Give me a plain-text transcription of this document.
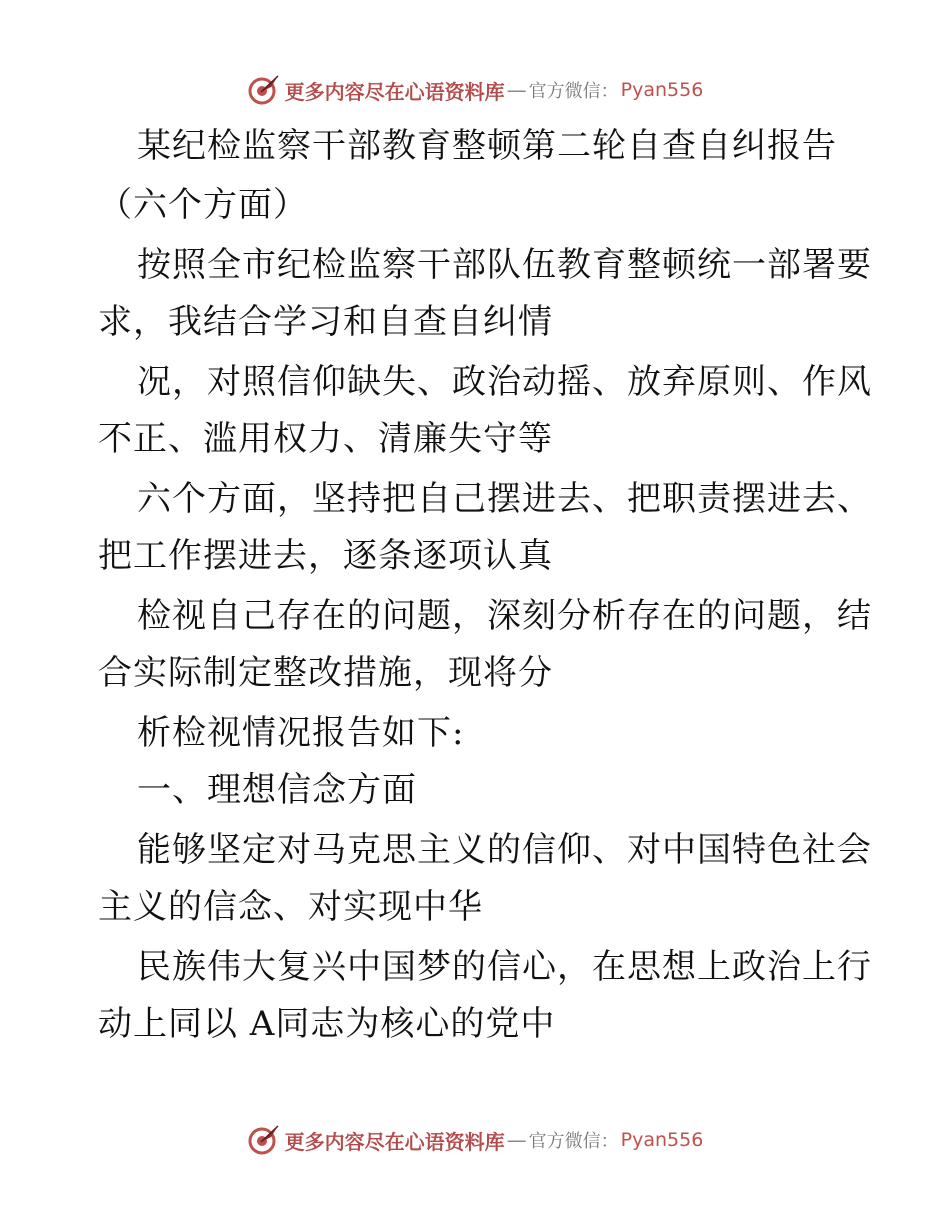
更多内容尽在心语资料库 — 官方微信： Pyan556
某纪检监察干部教育整顿第二轮自查自纠报告
（六个方面）
按照全市纪检监察干部队伍教育整顿统一部署要
求，我结合学习和自查自纠情
况，对照信仰缺失、政治动摇、放弃原则、作风
不正、滥用权力、清廉失守等
六个方面，坚持把自己摆进去、把职责摆进去、
把工作摆进去，逐条逐项认真
检视自己存在的问题，深刻分析存在的问题，结
合实际制定整改措施，现将分
析检视情况报告如下:
一、理想信念方面
能够坚定对马克思主义的信仰、对中国特色社会
主义的信念、对实现中华
民族伟大复兴中国梦的信心，在思想上政治上行
动上同以 A同志为核心的党中
更多内容尽在心语资料库 — 官方微信： Pyan556
